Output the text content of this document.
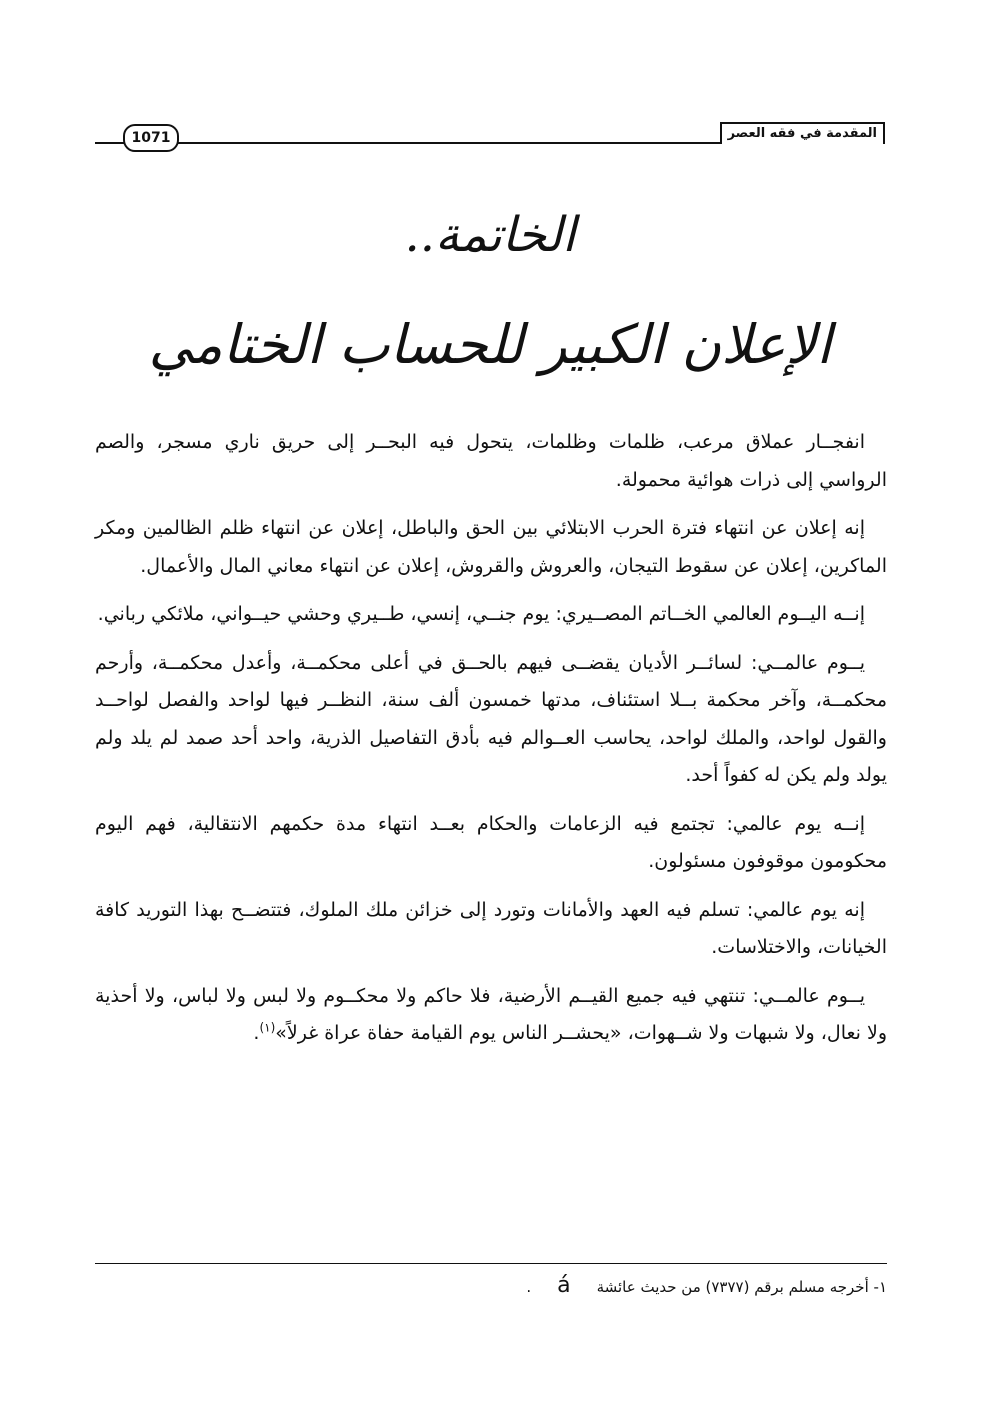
المقدمة في فقه العصر
1071
الخاتمة..
الإعلان الكبير للحساب الختامي

انفجــار عملاق مرعب، ظلمات وظلمات، يتحول فيه البحــر إلى حريق ناري مسجر، والصم الرواسي إلى ذرات هوائية محمولة.

إنه إعلان عن انتهاء فترة الحرب الابتلائي بين الحق والباطل، إعلان عن انتهاء ظلم الظالمين ومكر الماكرين، إعلان عن سقوط التيجان، والعروش والقروش، إعلان عن انتهاء معاني المال والأعمال.

إنــه اليــوم العالمي الخــاتم المصــيري: يوم جنــي، إنسي، طــيري وحشي حيــواني، ملائكي رباني.

يــوم عالمــي: لسائــر الأديان يقضــى فيهم بالحــق في أعلى محكمــة، وأعدل محكمــة، وأرحم محكمــة، وآخر محكمة بــلا استئناف، مدتها خمسون ألف سنة، النظــر فيها لواحد والفصل لواحــد والقول لواحد، والملك لواحد، يحاسب العــوالم فيه بأدق التفاصيل الذرية، واحد أحد صمد لم يلد ولم يولد ولم يكن له كفواً أحد.

إنــه يوم عالمي: تجتمع فيه الزعامات والحكام بعــد انتهاء مدة حكمهم الانتقالية، فهم اليوم محكومون موقوفون مسئولون.

إنه يوم عالمي: تسلم فيه العهد والأمانات وتورد إلى خزائن ملك الملوك، فتتضــح بهذا التوريد كافة الخيانات، والاختلاسات.

يــوم عالمــي: تنتهي فيه جميع القيــم الأرضية، فلا حاكم ولا محكــوم ولا لبس ولا لباس، ولا أحذية ولا نعال، ولا شبهات ولا شــهوات، «يحشــر الناس يوم القيامة حفاة عراة غرلاً»$^{(١)}$.

١- أخرجه مسلم برقم (٧٣٧٧) من حديث عائشةá.
